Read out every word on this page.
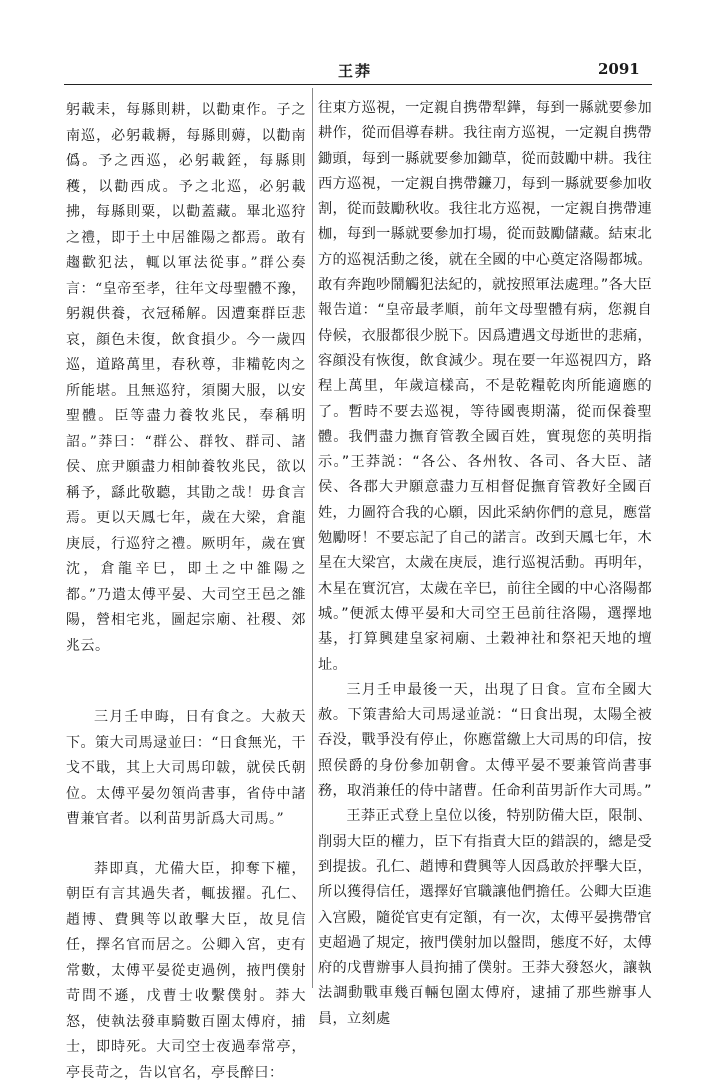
王莽	2091

躬載耒，每縣則耕，以勸東作。子之南巡，必躬載耨，每縣則薅，以勸南僞。予之西巡，必躬載銍，每縣則穫，以勸西成。予之北巡，必躬載拂，每縣則粟，以勸蓋藏。畢北巡狩之禮，即于土中居雒陽之都焉。敢有趨歡犯法，輒以軍法從事。”群公奏言：“皇帝至孝，往年文母聖體不豫，躬親供養，衣冠稀解。因遭棄群臣悲哀，顔色未復，飲食損少。今一歲四巡，道路萬里，春秋尊，非糒乾肉之所能堪。且無巡狩，須闋大服，以安聖體。臣等盡力養牧兆民，奉稱明詔。”莽曰：“群公、群牧、群司、諸侯、庶尹願盡力相帥養牧兆民，欲以稱予，繇此敬聽，其勖之哉！毋食言焉。更以天鳳七年，歲在大梁，倉龍庚辰，行巡狩之禮。厥明年，歲在實沈，倉龍辛巳，即土之中雒陽之都。”乃遣太傅平晏、大司空王邑之雒陽，營相宅兆，圖起宗廟、社稷、郊兆云。

三月壬申晦，日有食之。大赦天下。策大司馬逯並曰：“日食無光，干戈不戢，其上大司馬印韍，就侯氏朝位。太傅平晏勿領尚書事，省侍中諸曹兼官者。以利苗男訢爲大司馬。”

莽即真，尤備大臣，抑奪下權，朝臣有言其過失者，輒拔擢。孔仁、趙博、費興等以敢擊大臣，故見信任，擇名官而居之。公卿入宮，吏有常數，太傅平晏從吏過例，掖門僕射苛問不遜，戊曹士收繫僕射。莽大怒，使執法發車騎數百圍太傅府，捕士，即時死。大司空士夜過奉常亭，亭長苛之，告以官名，亭長醉曰：

往東方巡視，一定親自携帶犁鏵，每到一縣就要參加耕作，從而倡導春耕。我往南方巡視，一定親自携帶鋤頭，每到一縣就要參加鋤草，從而鼓勵中耕。我往西方巡視，一定親自携帶鐮刀，每到一縣就要參加收割，從而鼓勵秋收。我往北方巡視，一定親自携帶連枷，每到一縣就要參加打場，從而鼓勵儲藏。結束北方的巡視活動之後，就在全國的中心奠定洛陽都城。敢有奔跑吵鬧觸犯法紀的，就按照軍法處理。”各大臣報告道：“皇帝最孝順，前年文母聖體有病，您親自侍候，衣服都很少脱下。因爲遭遇文母逝世的悲痛，容顔没有恢復，飲食減少。現在要一年巡視四方，路程上萬里，年歲這樣高，不是乾糧乾肉所能適應的了。暫時不要去巡視，等待國喪期滿，從而保養聖體。我們盡力撫育管教全國百姓，實現您的英明指示。”王莽説：“各公、各州牧、各司、各大臣、諸侯、各郡大尹願意盡力互相督促撫育管教好全國百姓，力圖符合我的心願，因此采納你們的意見，應當勉勵呀！不要忘記了自己的諾言。改到天鳳七年，木星在大梁宫，太歲在庚辰，進行巡視活動。再明年，木星在實沉宫，太歲在辛巳，前往全國的中心洛陽都城。”便派太傅平晏和大司空王邑前往洛陽，選擇地基，打算興建皇家祠廟、土穀神社和祭祀天地的壇址。

三月壬申最後一天，出現了日食。宣布全國大赦。下策書給大司馬逯並説：“日食出現，太陽全被吞没，戰爭没有停止，你應當繳上大司馬的印信，按照侯爵的身份參加朝會。太傅平晏不要兼管尚書事務，取消兼任的侍中諸曹。任命利苗男訢作大司馬。”

王莽正式登上皇位以後，特别防備大臣，限制、削弱大臣的權力，臣下有指責大臣的錯誤的，總是受到提拔。孔仁、趙博和費興等人因爲敢於抨擊大臣，所以獲得信任，選擇好官職讓他們擔任。公卿大臣進入宫殿，隨從官吏有定額，有一次，太傅平晏携帶官吏超過了規定，掖門僕射加以盤問，態度不好，太傅府的戊曹辦事人員拘捕了僕射。王莽大發怒火，讓執法調動戰車幾百輛包圍太傅府，逮捕了那些辦事人員，立刻處
